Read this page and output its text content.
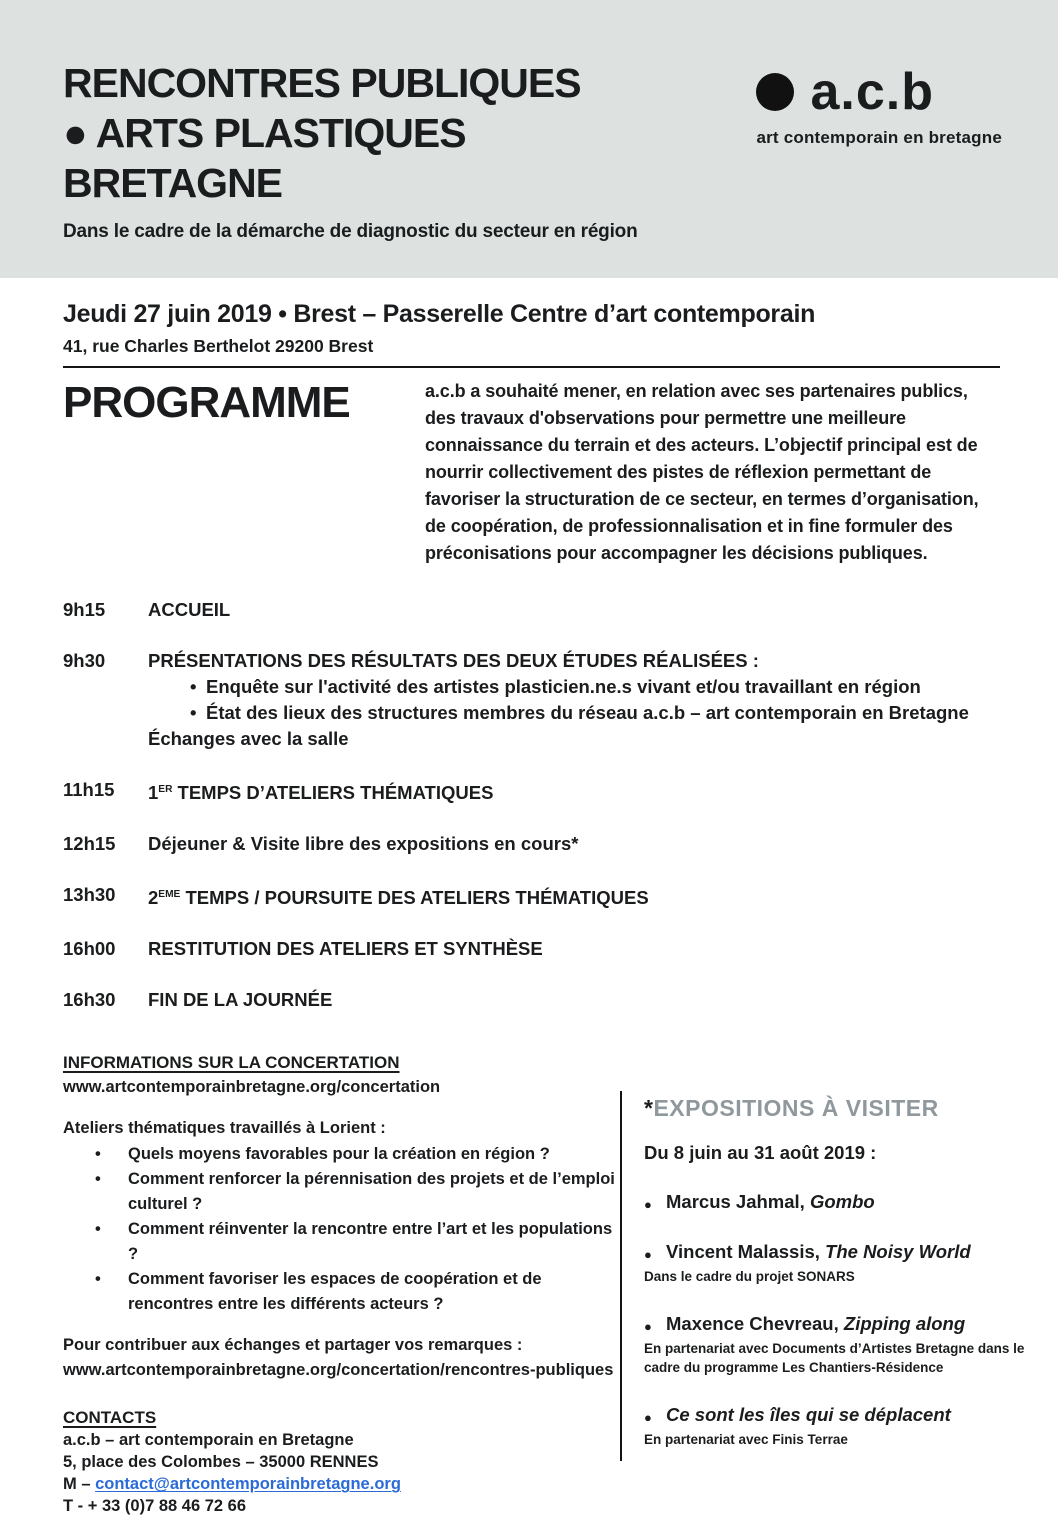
RENCONTRES PUBLIQUES
● ARTS PLASTIQUES
BRETAGNE
Dans le cadre de la démarche de diagnostic du secteur en région
a.c.b
art contemporain en bretagne
Jeudi 27 juin 2019 • Brest – Passerelle Centre d’art contemporain
41, rue Charles Berthelot 29200 Brest
PROGRAMME	a.c.b a souhaité mener, en relation avec ses partenaires publics, des travaux d'observations pour permettre une meilleure connaissance du terrain et des acteurs. L’objectif principal est de nourrir collectivement des pistes de réflexion permettant de favoriser la structuration de ce secteur, en termes d’organisation, de coopération, de professionnalisation et in fine formuler des préconisations pour accompagner les décisions publiques.

9h15	ACCUEIL
9h30	PRÉSENTATIONS DES RÉSULTATS DES DEUX ÉTUDES RÉALISÉES :
• Enquête sur l'activité des artistes plasticien.ne.s vivant et/ou travaillant en région
• État des lieux des structures membres du réseau a.c.b – art contemporain en Bretagne
Échanges avec la salle
11h15	1ER TEMPS D’ATELIERS THÉMATIQUES
12h15	Déjeuner & Visite libre des expositions en cours*
13h30	2EME TEMPS / POURSUITE DES ATELIERS THÉMATIQUES
16h00	RESTITUTION DES ATELIERS ET SYNTHÈSE
16h30	FIN DE LA JOURNÉE
INFORMATIONS SUR LA CONCERTATION
www.artcontemporainbretagne.org/concertation
Ateliers thématiques travaillés à Lorient :
• Quels moyens favorables pour la création en région ?
• Comment renforcer la pérennisation des projets et de l’emploi culturel ?
• Comment réinventer la rencontre entre l’art et les populations ?
• Comment favoriser les espaces de coopération et de rencontres entre les différents acteurs ?
Pour contribuer aux échanges et partager vos remarques :
www.artcontemporainbretagne.org/concertation/rencontres-publiques
CONTACTS
a.c.b – art contemporain en Bretagne
5, place des Colombes – 35000 RENNES
M – contact@artcontemporainbretagne.org
T - + 33 (0)7 88 46 72 66
*EXPOSITIONS À VISITER
Du 8 juin au 31 août 2019 :
● Marcus Jahmal, Gombo
● Vincent Malassis, The Noisy World
Dans le cadre du projet SONARS
● Maxence Chevreau, Zipping along
En partenariat avec Documents d’Artistes Bretagne dans le cadre du programme Les Chantiers-Résidence
● Ce sont les îles qui se déplacent
En partenariat avec Finis Terrae
